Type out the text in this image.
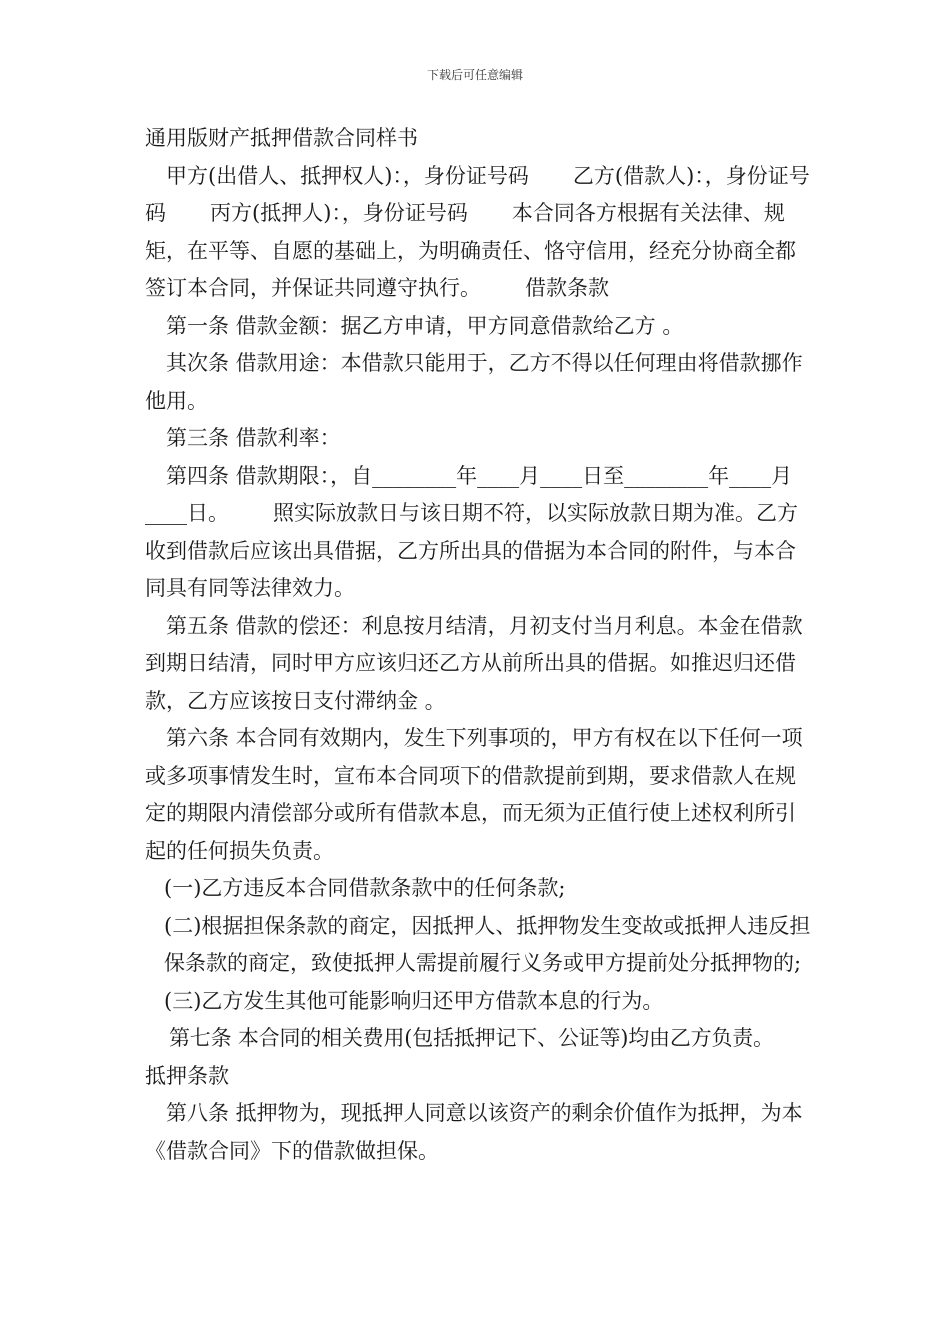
下载后可任意编辑

通用版财产抵押借款合同样书

甲方(出借人、抵押权人)：，身份证号码 乙方(借款人)：，身份证号码 丙方(抵押人)：，身份证号码 本合同各方根据有关法律、规矩，在平等、自愿的基础上，为明确责任、恪守信用，经充分协商全都签订本合同，并保证共同遵守执行。 借款条款

第一条 借款金额：据乙方申请，甲方同意借款给乙方 。

其次条 借款用途：本借款只能用于，乙方不得以任何理由将借款挪作他用。

第三条 借款利率：

第四条 借款期限：，自________年____月____日至________年____月____日。 照实际放款日与该日期不符，以实际放款日期为准。乙方收到借款后应该出具借据，乙方所出具的借据为本合同的附件，与本合同具有同等法律效力。

第五条 借款的偿还：利息按月结清，月初支付当月利息。本金在借款到期日结清，同时甲方应该归还乙方从前所出具的借据。如推迟归还借款，乙方应该按日支付滞纳金 。

第六条 本合同有效期内，发生下列事项的，甲方有权在以下任何一项或多项事情发生时，宣布本合同项下的借款提前到期，要求借款人在规定的期限内清偿部分或所有借款本息，而无须为正值行使上述权利所引起的任何损失负责。

(一)乙方违反本合同借款条款中的任何条款;

(二)根据担保条款的商定，因抵押人、抵押物发生变故或抵押人违反担保条款的商定，致使抵押人需提前履行义务或甲方提前处分抵押物的;

(三)乙方发生其他可能影响归还甲方借款本息的行为。

第七条 本合同的相关费用(包括抵押记下、公证等)均由乙方负责。

抵押条款

第八条 抵押物为，现抵押人同意以该资产的剩余价值作为抵押，为本《借款合同》下的借款做担保。
